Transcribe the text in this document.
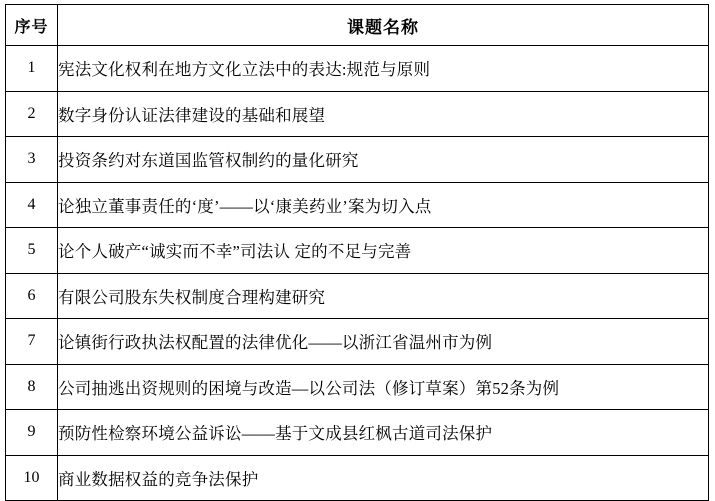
序号	课题名称
1	宪法文化权利在地方文化立法中的表达:规范与原则
2	数字身份认证法律建设的基础和展望
3	投资条约对东道国监管权制约的量化研究
4	论独立董事责任的‘度’——以‘康美药业’案为切入点
5	论个人破产“诚实而不幸”司法认 定的不足与完善
6	有限公司股东失权制度合理构建研究
7	论镇街行政执法权配置的法律优化——以浙江省温州市为例
8	公司抽逃出资规则的困境与改造—以公司法（修订草案）第52条为例
9	预防性检察环境公益诉讼——基于文成县红枫古道司法保护
10	商业数据权益的竞争法保护
